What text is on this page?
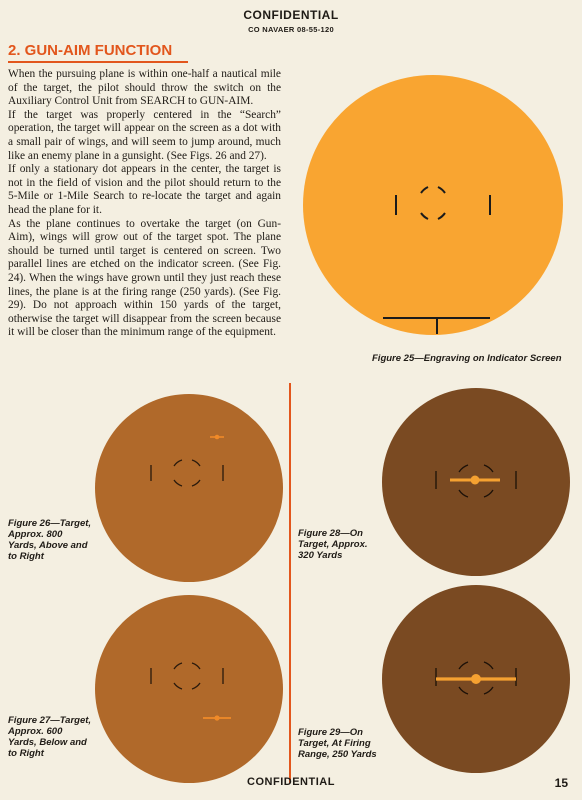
CONFIDENTIAL
CO NAVAER 08-55-120
2. GUN-AIM FUNCTION

When the pursuing plane is within one-half a nautical mile of the target, the pilot should throw the switch on the Auxiliary Control Unit from SEARCH to GUN-AIM.

If the target was properly centered in the “Search” operation, the target will appear on the screen as a dot with a small pair of wings, and will seem to jump around, much like an enemy plane in a gunsight. (See Figs. 26 and 27).

If only a stationary dot appears in the center, the target is not in the field of vision and the pilot should return to the 5-Mile or 1-Mile Search to re-locate the target and again head the plane for it.

As the plane continues to overtake the target (on Gun-Aim), wings will grow out of the target spot. The plane should be turned until target is centered on screen. Two parallel lines are etched on the indicator screen. (See Fig. 24). When the wings have grown until they just reach these lines, the plane is at the firing range (250 yards). (See Fig. 29). Do not approach within 150 yards of the target, otherwise the target will disappear from the screen because it will be closer than the minimum range of the equipment.

Figure 25—Engraving on Indicator Screen
Figure 26—Target, Approx. 800 Yards, Above and to Right
Figure 27—Target, Approx. 600 Yards, Below and to Right
Figure 28—On Target, Approx. 320 Yards
Figure 29—On Target, At Firing Range, 250 Yards
CONFIDENTIAL	15
